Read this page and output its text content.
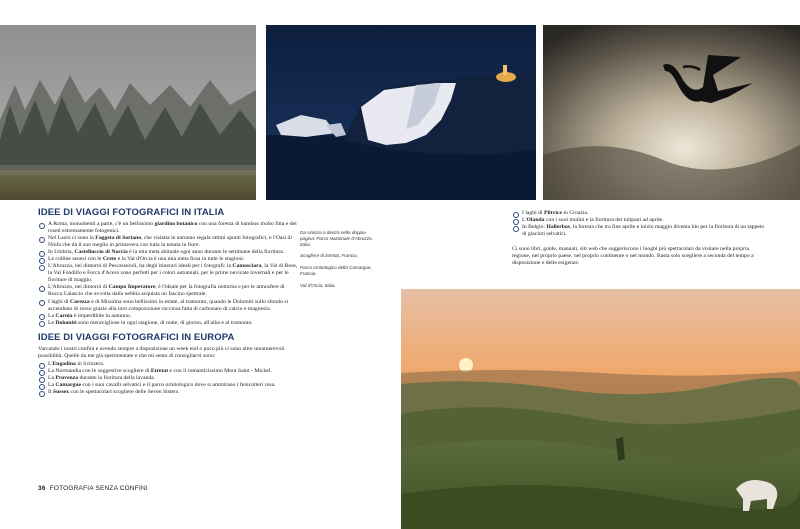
IDEE DI VIAGGI FOTOGRAFICI IN ITALIA
A Roma, monumenti a parte, c'è un bellissimo giardino botanico con una foresta di bamboo molto fitta e dei roseti estremamente fotogenici.
Nel Lazio ci sono la Faggeta di Soriano, che visitata in autunno regala ottimi spunti fotografici, e l'Oasi di Ninfa che dà il suo meglio in primavera con tutta la tenuta in fiore.
In Umbria, Castelluccio di Norcia è la mia meta abituale ogni anno durante le settimane della fioritura.
Le colline senesi con le Crete e la Val d'Orcia è una mia meta fissa in tutte le stagioni.
L'Abruzzo, nei dintorni di Pescasseroli, ha degli itinerari ideali per i fotografi: la Camosciara, la Val di Rose, la Val Fondillo e Forca d'Acero sono perfetti per i colori autunnali, per le prime nevicate invernali e per le fioriture di maggio.
L'Abruzzo, nei dintorni di Campo Imperatore, è l'ideale per la fotografia notturna e per le atmosfere di Rocca Calascio che avvolta dalla nebbia acquista un fascino spettrale.
I laghi di Carezza e di Misurina sono bellissimi in estate, al tramonto, quando le Dolomiti sullo sfondo si accendono di rosso grazie alla loro composizione rocciosa fatta di carbonato di calcio e magnesio.
La Carnia è imperdibile in autunno.
Le Dolomiti sono meravigliose in ogni stagione, di notte, di giorno, all'alba e al tramonto.
IDEE DI VIAGGI FOTOGRAFICI IN EUROPA

Varcando i nostri confini e avendo sempre a disposizione un week end o poco più ci sono altre innumerevoli possibilità. Quelle da me già sperimentate e che mi sento di consigliarvi sono:

L'Engadina in Svizzera.
La Normandia con le suggestive scogliere di Etretat e con il romanticissimo Mont Saint - Michel.
La Provenza durante la fioritura della lavanda.
La Camargue con i suoi cavalli selvatici e il parco ornitologico dove si ammirano i fenicotteri rosa.
Il Sussex con le spettacolari scogliere delle Seven Sisters.

Da sinistra a destra nella doppia pagina: Parco Nazionale d'Abruzzo, Italia.

Scogliere di Etretat, Francia.

Parco ornitologico della Camargue, Francia.

Val d'Orcia, Italia.

I laghi di Plitvice in Croazia.
L'Olanda con i suoi mulini e la fioritura dei tulipani ad aprile.
In Belgio: Hallerbos, la foresta che tra fine aprile e inizio maggio diventa blu per la fioritura di un tappeto di giacinti selvatici.

Ci sono libri, guide, manuali, siti web che suggeriscono i luoghi più spettacolari da visitare nella propria regione, nel proprio paese, nel proprio continente o nel mondo. Basta solo scegliere a seconda del tempo a disposizione e delle esigenze.

36 FOTOGRAFIA SENZA CONFINI
